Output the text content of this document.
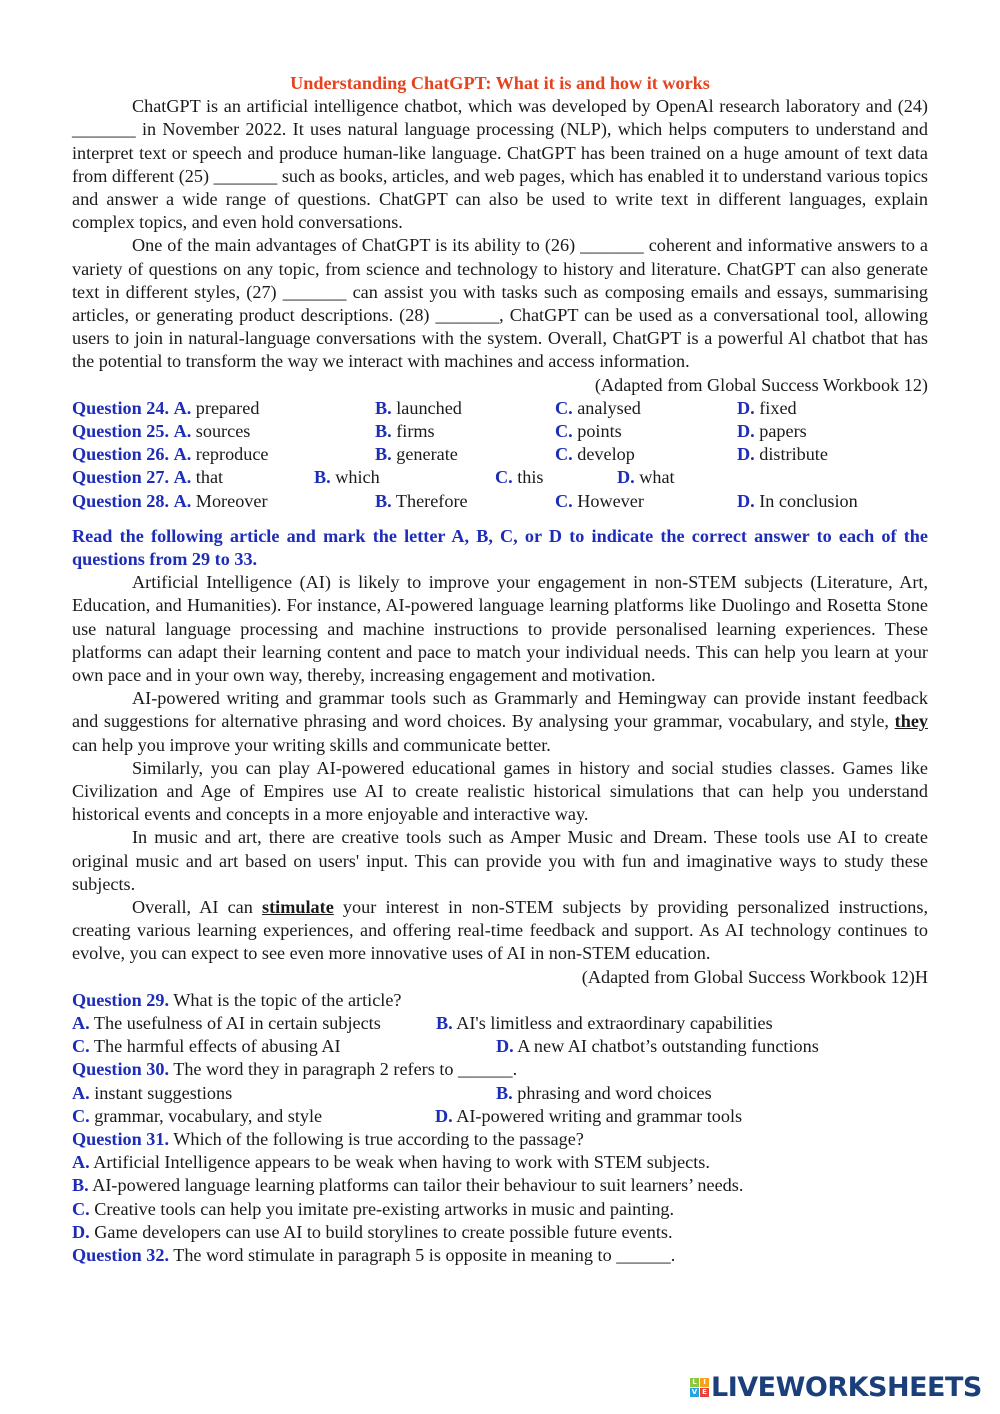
Understanding ChatGPT: What it is and how it works

ChatGPT is an artificial intelligence chatbot, which was developed by OpenAl research laboratory and (24) _______ in November 2022. It uses natural language processing (NLP), which helps computers to understand and interpret text or speech and produce human-like language. ChatGPT has been trained on a huge amount of text data from different (25) _______ such as books, articles, and web pages, which has enabled it to understand various topics and answer a wide range of questions. ChatGPT can also be used to write text in different languages, explain complex topics, and even hold conversations.

One of the main advantages of ChatGPT is its ability to (26) _______ coherent and informative answers to a variety of questions on any topic, from science and technology to history and literature. ChatGPT can also generate text in different styles, (27) _______ can assist you with tasks such as composing emails and essays, summarising articles, or generating product descriptions. (28) _______, ChatGPT can be used as a conversational tool, allowing users to join in natural-language conversations with the system. Overall, ChatGPT is a powerful Al chatbot that has the potential to transform the way we interact with machines and access information.

(Adapted from Global Success Workbook 12)

Question 24. A. prepared	B. launched	C. analysed	D. fixed
Question 25. A. sources	B. firms	C. points	D. papers
Question 26. A. reproduce	B. generate	C. develop	D. distribute
Question 27. A. that	B. which	C. this	D. what
Question 28. A. Moreover	B. Therefore	C. However	D. In conclusion

Read the following article and mark the letter A, B, C, or D to indicate the correct answer to each of the questions from 29 to 33.

Artificial Intelligence (AI) is likely to improve your engagement in non-STEM subjects (Literature, Art, Education, and Humanities). For instance, AI-powered language learning platforms like Duolingo and Rosetta Stone use natural language processing and machine instructions to provide personalised learning experiences. These platforms can adapt their learning content and pace to match your individual needs. This can help you learn at your own pace and in your own way, thereby, increasing engagement and motivation.

AI-powered writing and grammar tools such as Grammarly and Hemingway can provide instant feedback and suggestions for alternative phrasing and word choices. By analysing your grammar, vocabulary, and style, they can help you improve your writing skills and communicate better.

Similarly, you can play AI-powered educational games in history and social studies classes. Games like Civilization and Age of Empires use AI to create realistic historical simulations that can help you understand historical events and concepts in a more enjoyable and interactive way.

In music and art, there are creative tools such as Amper Music and Dream. These tools use AI to create original music and art based on users' input. This can provide you with fun and imaginative ways to study these subjects.

Overall, AI can stimulate your interest in non-STEM subjects by providing personalized instructions, creating various learning experiences, and offering real-time feedback and support. As AI technology continues to evolve, you can expect to see even more innovative uses of AI in non-STEM education.

(Adapted from Global Success Workbook 12)H

Question 29. What is the topic of the article?

A. The usefulness of AI in certain subjects	B. AI's limitless and extraordinary capabilities
C. The harmful effects of abusing AI	D. A new AI chatbot’s outstanding functions

Question 30. The word they in paragraph 2 refers to ______.

A. instant suggestions	B. phrasing and word choices
C. grammar, vocabulary, and style	D. AI-powered writing and grammar tools

Question 31. Which of the following is true according to the passage?

A. Artificial Intelligence appears to be weak when having to work with STEM subjects.

B. AI-powered language learning platforms can tailor their behaviour to suit learners’ needs.

C. Creative tools can help you imitate pre-existing artworks in music and painting.

D. Game developers can use AI to build storylines to create possible future events.

Question 32. The word stimulate in paragraph 5 is opposite in meaning to ______.

L I
V E LIVEWORKSHEETS
